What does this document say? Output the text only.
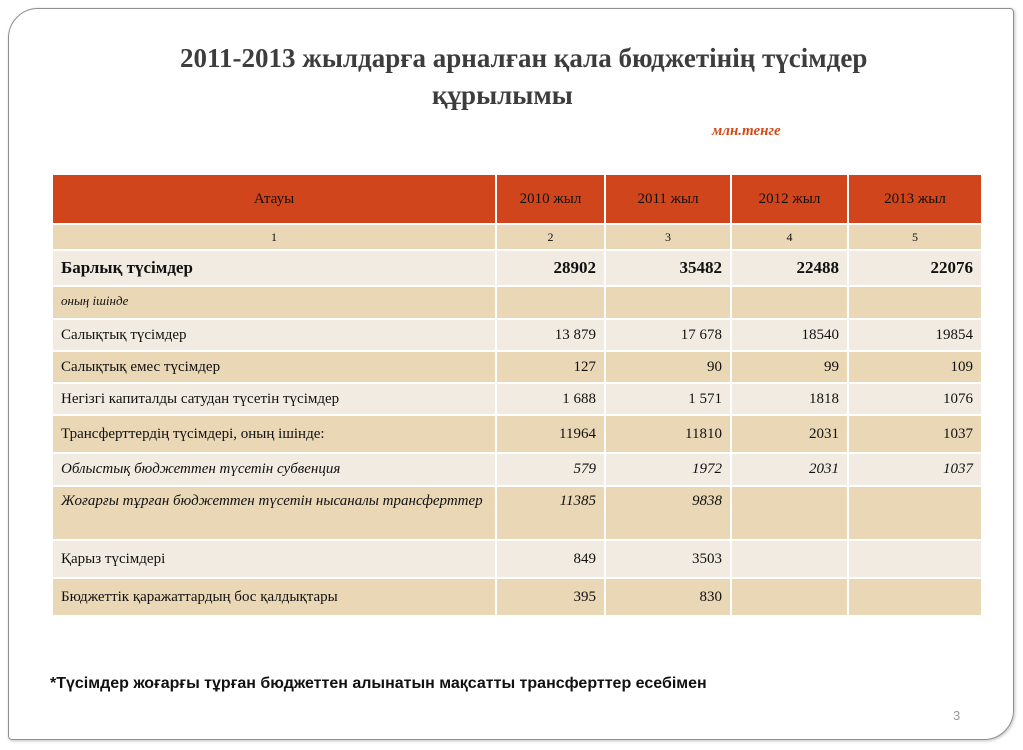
2011-2013 жылдарға арналған қала бюджетінің түсімдер
құрылымы
млн.тенге
Атауы	2010 жыл	2011 жыл	2012 жыл	2013 жыл
1	2	3	4	5
Барлық түсімдер	28902	35482	22488	22076
оның ішінде				
Салықтық түсімдер	13 879	17 678	18540	19854
Салықтық емес түсімдер	127	90	99	109
Негізгі капиталды сатудан түсетін түсімдер	1 688	1 571	1818	1076
Трансферттердің түсімдері, оның ішінде:	11964	11810	2031	1037
Облыстық бюджеттен түсетін субвенция	579	1972	2031	1037
Жоғарғы тұрған бюджеттен түсетін нысаналы трансферттер	11385	9838		
Қарыз түсімдері	849	3503		
Бюджеттік қаражаттардың бос қалдықтары	395	830		
*Түсімдер жоғарғы тұрған бюджеттен алынатын мақсатты трансферттер есебімен
3
